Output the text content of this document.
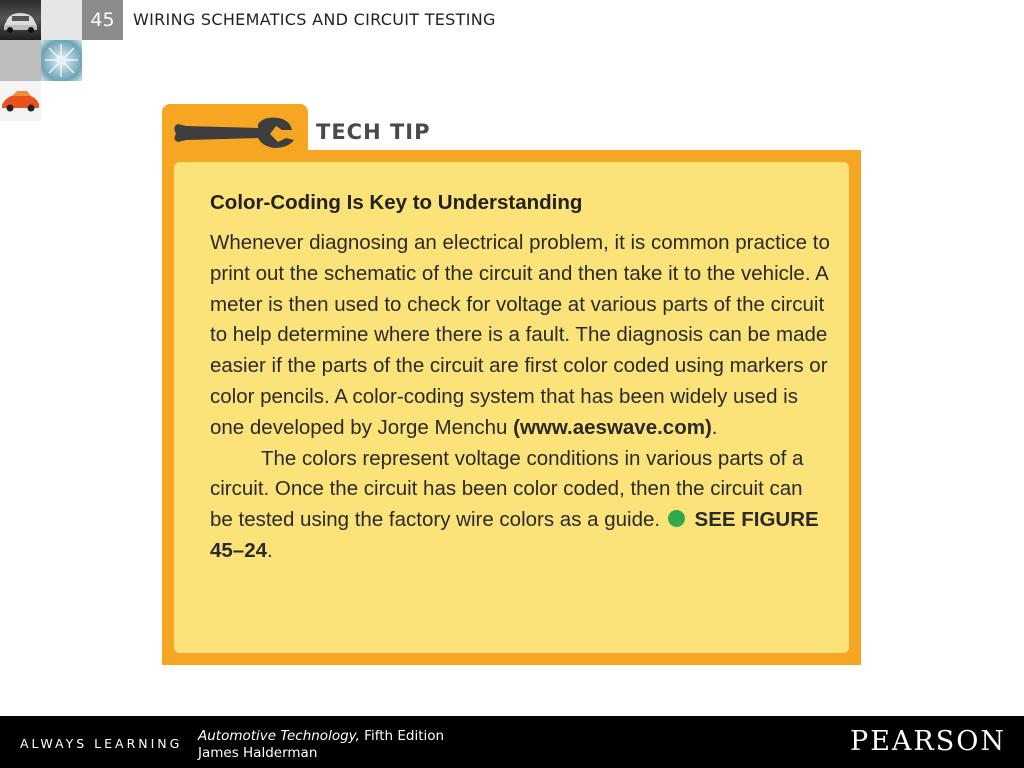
45	WIRING SCHEMATICS AND CIRCUIT TESTING
TECH TIP
Color-Coding Is Key to Understanding

Whenever diagnosing an electrical problem, it is common practice to print out the schematic of the circuit and then take it to the vehicle. A meter is then used to check for voltage at various parts of the circuit to help determine where there is a fault. The diagnosis can be made easier if the parts of the circuit are first color coded using markers or color pencils. A color-coding system that has been widely used is one developed by Jorge Menchu (www.aeswave.com).

The colors represent voltage conditions in various parts of a circuit. Once the circuit has been color coded, then the circuit can be tested using the factory wire colors as a guide.  SEE FIGURE 45–24.

ALWAYS LEARNING Automotive Technology, Fifth Edition
James Halderman	PEARSON
